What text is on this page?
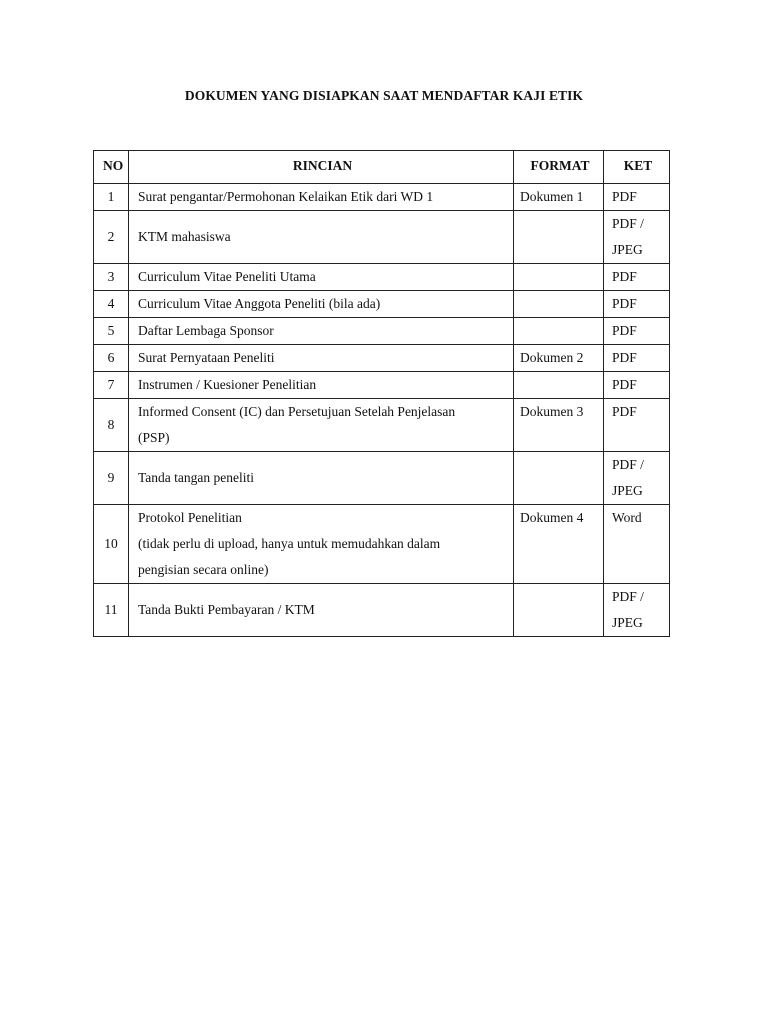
DOKUMEN YANG DISIAPKAN SAAT MENDAFTAR KAJI ETIK
NO	RINCIAN	FORMAT	KET
1	Surat pengantar/Permohonan Kelaikan Etik dari WD 1	Dokumen 1	PDF

2	KTM mahasiswa		PDF /
JPEG

3	Curriculum Vitae Peneliti Utama		PDF

4	Curriculum Vitae Anggota Peneliti (bila ada)		PDF

5	Daftar Lembaga Sponsor		PDF

6	Surat Pernyataan Peneliti	Dokumen 2	PDF

7	Instrumen / Kuesioner Penelitian		PDF

8	Informed Consent (IC) dan Persetujuan Setelah Penjelasan
(PSP)	Dokumen 3	PDF

9	Tanda tangan peneliti		PDF /
JPEG

10	Protokol Penelitian
(tidak perlu di upload, hanya untuk memudahkan dalam
pengisian secara online)	Dokumen 4	Word

11	Tanda Bukti Pembayaran / KTM		PDF /
JPEG
